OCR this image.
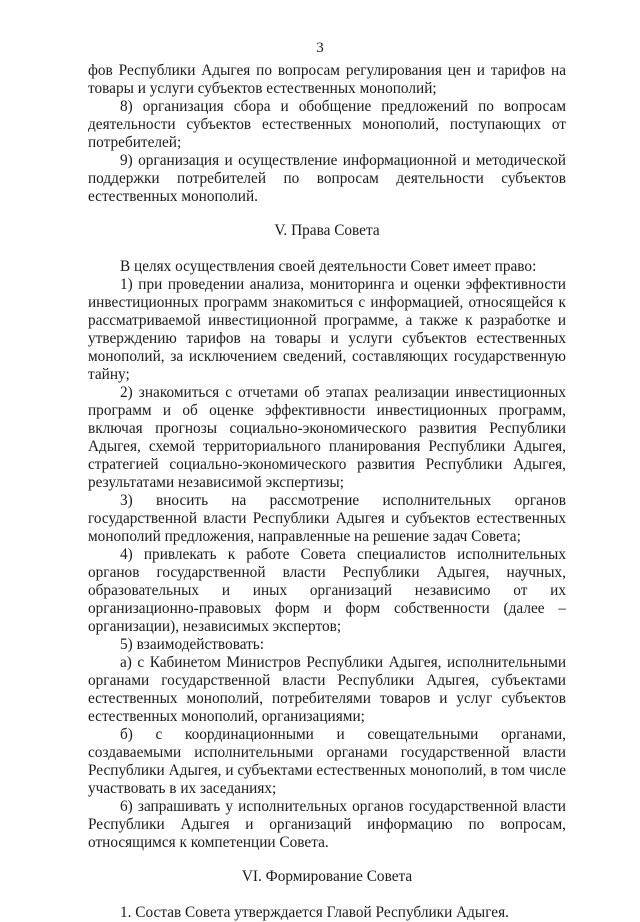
3

фов Республики Адыгея по вопросам регулирования цен и тарифов на товары и услуги субъектов естественных монополий;

8) организация сбора и обобщение предложений по вопросам деятельности субъектов естественных монополий, поступающих от потребителей;

9) организация и осуществление информационной и методической поддержки потребителей по вопросам деятельности субъектов естественных монополий.

V. Права Совета

В целях осуществления своей деятельности Совет имеет право:

1) при проведении анализа, мониторинга и оценки эффективности инвестиционных программ знакомиться с информацией, относящейся к рассматриваемой инвестиционной программе, а также к разработке и утверждению тарифов на товары и услуги субъектов естественных монополий, за исключением сведений, составляющих государственную тайну;

2) знакомиться с отчетами об этапах реализации инвестиционных программ и об оценке эффективности инвестиционных программ, включая прогнозы социально-экономического развития Республики Адыгея, схемой территориального планирования Республики Адыгея, стратегией социально-экономического развития Республики Адыгея, результатами независимой экспертизы;

3) вносить на рассмотрение исполнительных органов государственной власти Республики Адыгея и субъектов естественных монополий предложения, направленные на решение задач Совета;

4) привлекать к работе Совета специалистов исполнительных органов государственной власти Республики Адыгея, научных, образовательных и иных организаций независимо от их организационно-правовых форм и форм собственности (далее – организации), независимых экспертов;

5) взаимодействовать:

а) с Кабинетом Министров Республики Адыгея, исполнительными органами государственной власти Республики Адыгея, субъектами естественных монополий, потребителями товаров и услуг субъектов естественных монополий, организациями;

б) с координационными и совещательными органами, создаваемыми исполнительными органами государственной власти Республики Адыгея, и субъектами естественных монополий, в том числе участвовать в их заседаниях;

6) запрашивать у исполнительных органов государственной власти Республики Адыгея и организаций информацию по вопросам, относящимся к компетенции Совета.

VI. Формирование Совета

1. Состав Совета утверждается Главой Республики Адыгея.
